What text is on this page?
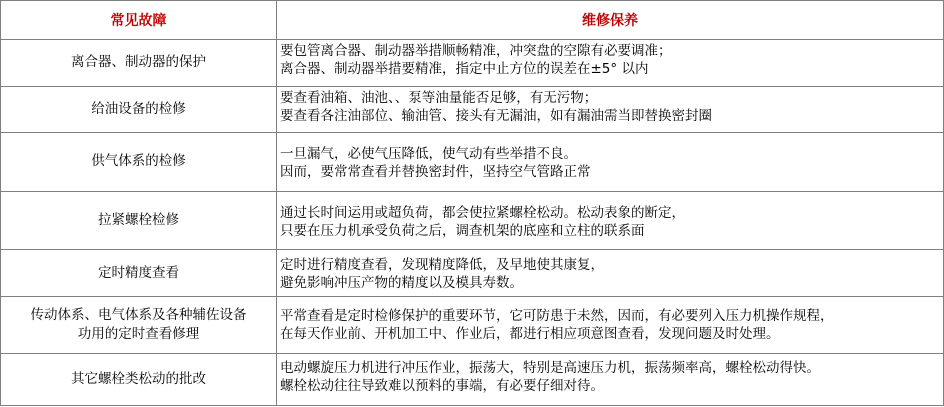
常见故障	维修保养

离合器、制动器的保护	要包管离合器、制动器举措顺畅精准，冲突盘的空隙有必要调准；
离合器、制动器举措要精准，指定中止方位的误差在±5° 以内

给油设备的检修	要查看油箱、油池、、泵等油量能否足够，有无污物；
要查看各注油部位、输油管、接头有无漏油，如有漏油需当即替换密封圈

供气体系的检修	一旦漏气，必使气压降低，使气动有些举措不良。
因而，要常常查看并替换密封件，坚持空气管路正常

拉紧螺栓检修	通过长时间运用或超负荷，都会使拉紧螺栓松动。松动表象的断定，
只要在压力机承受负荷之后，调查机架的底座和立柱的联系面

定时精度查看	定时进行精度查看，发现精度降低，及早地使其康复，
避免影响冲压产物的精度以及模具寿数。

传动体系、电气体系及各种辅佐设备
功用的定时查看修理	平常查看是定时检修保护的重要环节，它可防患于未然，因而，有必要列入压力机操作规程，
在每天作业前、开机加工中、作业后，都进行相应项意图查看，发现问题及时处理。

其它螺栓类松动的批改	电动螺旋压力机进行冲压作业，振荡大，特别是高速压力机，振荡频率高，螺栓松动得快。
螺栓松动往往导致难以预料的事端，有必要仔细对待。
